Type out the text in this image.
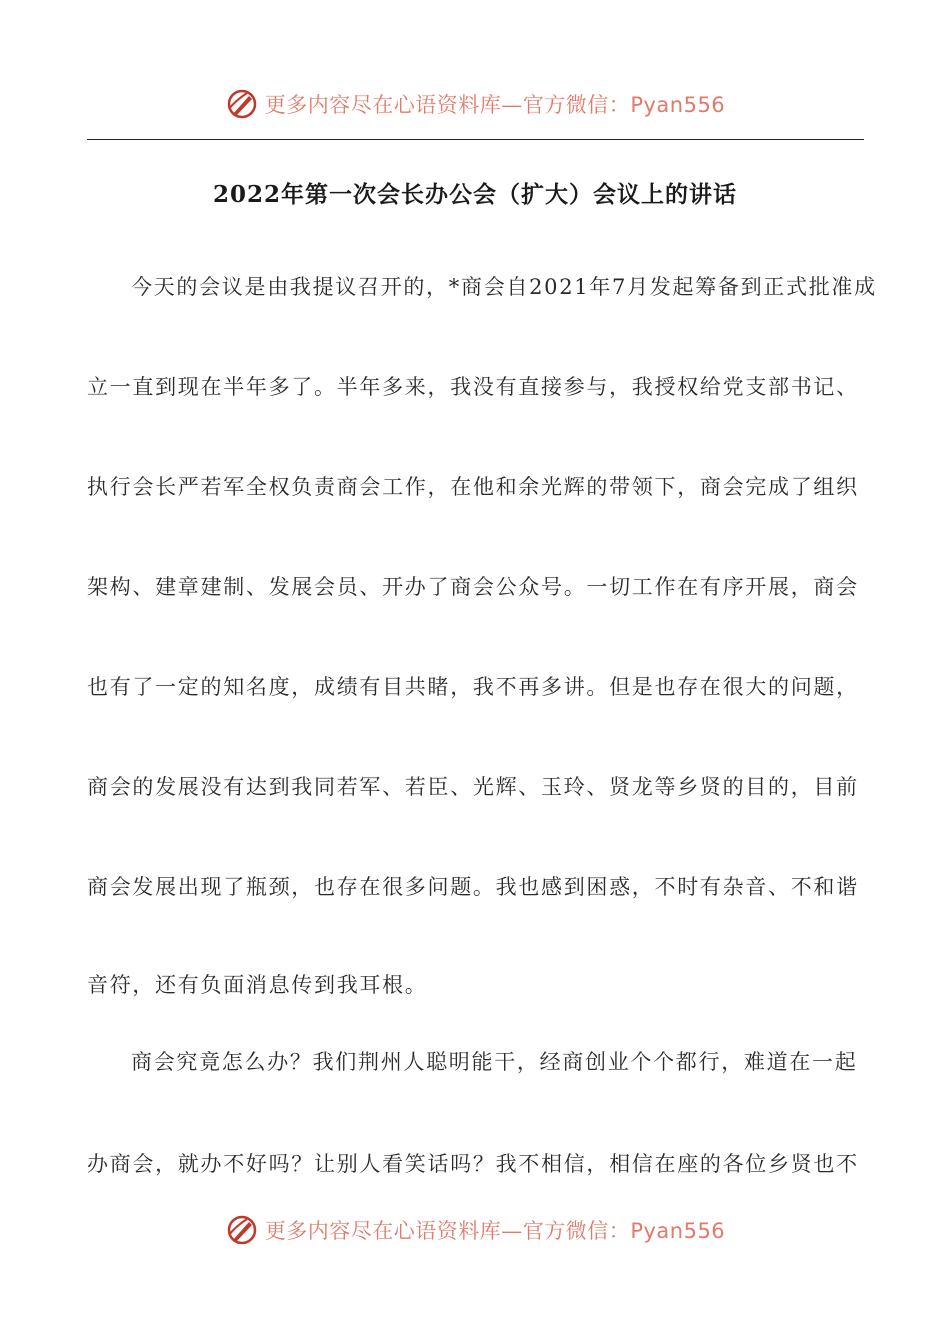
更多内容尽在心语资料库—官方微信：Pyan556
2022年第一次会长办公会（扩大）会议上的讲话
今天的会议是由我提议召开的，*商会自2021年7月发起筹备到正式批准成
立一直到现在半年多了。半年多来，我没有直接参与，我授权给党支部书记、
执行会长严若军全权负责商会工作，在他和余光辉的带领下，商会完成了组织
架构、建章建制、发展会员、开办了商会公众号。一切工作在有序开展，商会
也有了一定的知名度，成绩有目共睹，我不再多讲。但是也存在很大的问题，
商会的发展没有达到我同若军、若臣、光辉、玉玲、贤龙等乡贤的目的，目前
商会发展出现了瓶颈，也存在很多问题。我也感到困惑，不时有杂音、不和谐
音符，还有负面消息传到我耳根。
商会究竟怎么办？我们荆州人聪明能干，经商创业个个都行，难道在一起
办商会，就办不好吗？让别人看笑话吗？我不相信，相信在座的各位乡贤也不
更多内容尽在心语资料库—官方微信：Pyan556
